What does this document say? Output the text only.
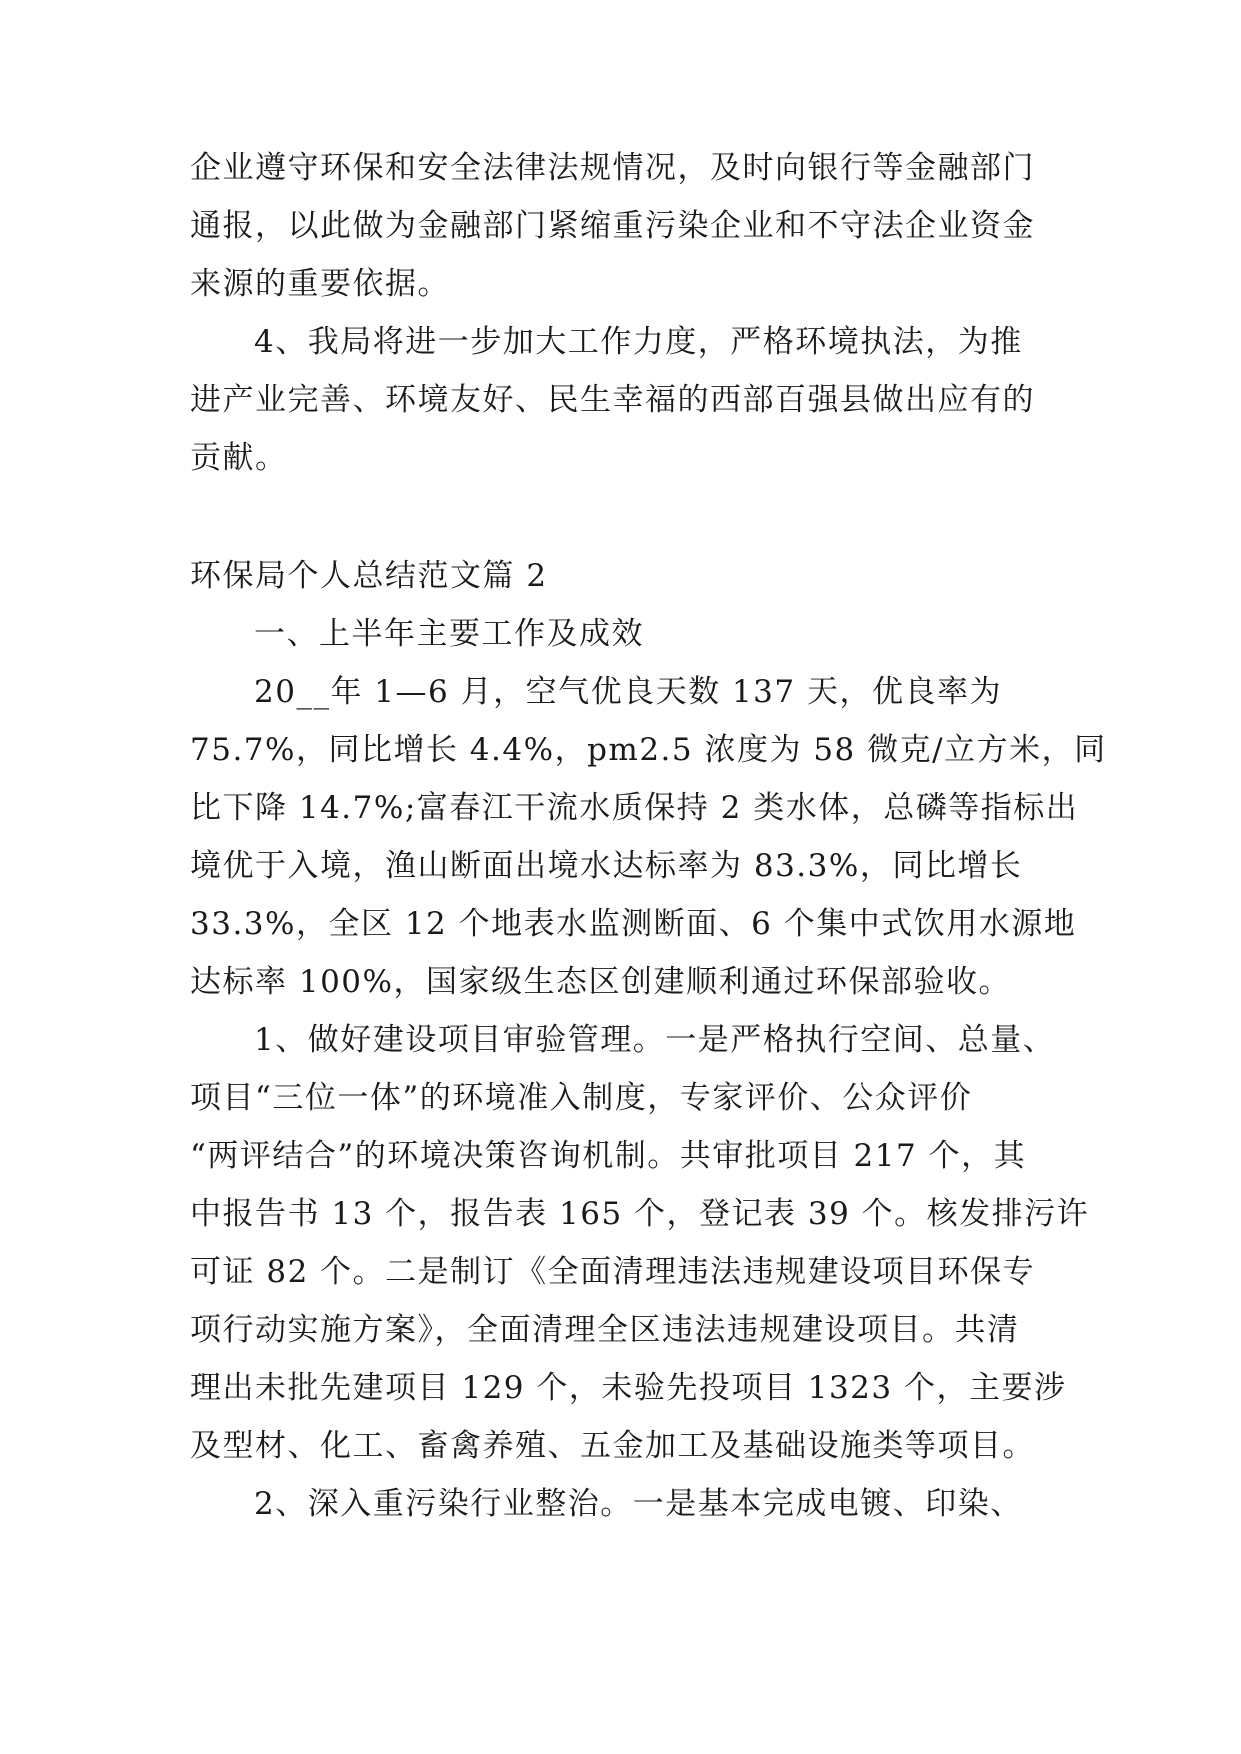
企业遵守环保和安全法律法规情况，及时向银行等金融部门
通报，以此做为金融部门紧缩重污染企业和不守法企业资金
来源的重要依据。
4、我局将进一步加大工作力度，严格环境执法，为推
进产业完善、环境友好、民生幸福的西部百强县做出应有的
贡献。
环保局个人总结范文篇 2
一、上半年主要工作及成效
20__年 1—6 月，空气优良天数 137 天，优良率为
75.7%，同比增长 4.4%，pm2.5 浓度为 58 微克/立方米，同
比下降 14.7%;富春江干流水质保持 2 类水体，总磷等指标出
境优于入境，渔山断面出境水达标率为 83.3%，同比增长
33.3%，全区 12 个地表水监测断面、6 个集中式饮用水源地
达标率 100%，国家级生态区创建顺利通过环保部验收。
1、做好建设项目审验管理。一是严格执行空间、总量、
项目“三位一体”的环境准入制度，专家评价、公众评价
“两评结合”的环境决策咨询机制。共审批项目 217 个，其
中报告书 13 个，报告表 165 个，登记表 39 个。核发排污许
可证 82 个。二是制订《全面清理违法违规建设项目环保专
项行动实施方案》，全面清理全区违法违规建设项目。共清
理出未批先建项目 129 个，未验先投项目 1323 个，主要涉
及型材、化工、畜禽养殖、五金加工及基础设施类等项目。
2、深入重污染行业整治。一是基本完成电镀、印染、
